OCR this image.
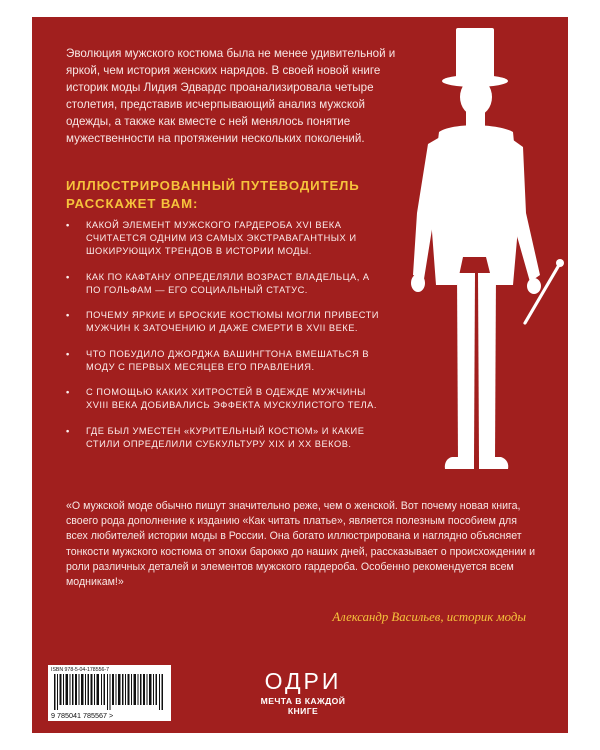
Эволюция мужского костюма была не менее удивительной и яркой, чем история женских нарядов. В своей новой книге историк моды Лидия Эдвардс проанализировала четыре столетия, представив исчерпывающий анализ мужской одежды, а также как вместе с ней менялось понятие мужественности на протяжении нескольких поколений.

ИЛЛЮСТРИРОВАННЫЙ ПУТЕВОДИТЕЛЬ РАССКАЖЕТ ВАМ:
•	КАКОЙ ЭЛЕМЕНТ МУЖСКОГО ГАРДЕРОБА XVI ВЕКА СЧИТАЕТСЯ ОДНИМ ИЗ САМЫХ ЭКСТРАВАГАНТНЫХ И ШОКИРУЮЩИХ ТРЕНДОВ В ИСТОРИИ МОДЫ.
•	КАК ПО КАФТАНУ ОПРЕДЕЛЯЛИ ВОЗРАСТ ВЛАДЕЛЬЦА, А ПО ГОЛЬФАМ — ЕГО СОЦИАЛЬНЫЙ СТАТУС.
•	ПОЧЕМУ ЯРКИЕ И БРОСКИЕ КОСТЮМЫ МОГЛИ ПРИВЕСТИ МУЖЧИН К ЗАТОЧЕНИЮ И ДАЖЕ СМЕРТИ В XVII ВЕКЕ.
•	ЧТО ПОБУДИЛО ДЖОРДЖА ВАШИНГТОНА ВМЕШАТЬСЯ В МОДУ С ПЕРВЫХ МЕСЯЦЕВ ЕГО ПРАВЛЕНИЯ.
•	С ПОМОЩЬЮ КАКИХ ХИТРОСТЕЙ В ОДЕЖДЕ МУЖЧИНЫ XVIII ВЕКА ДОБИВАЛИСЬ ЭФФЕКТА МУСКУЛИСТОГО ТЕЛА.
•	ГДЕ БЫЛ УМЕСТЕН «КУРИТЕЛЬНЫЙ КОСТЮМ» И КАКИЕ СТИЛИ ОПРЕДЕЛИЛИ СУБКУЛЬТУРУ XIX И XX ВЕКОВ.

«О мужской моде обычно пишут значительно реже, чем о женской. Вот почему новая книга, своего рода дополнение к изданию «Как читать платье», является полезным пособием для всех любителей истории моды в России. Она богато иллюстрирована и наглядно объясняет тонкости мужского костюма от эпохи барокко до наших дней, рассказывает о происхождении и роли различных деталей и элементов мужского гардероба. Особенно рекомендуется всем модникам!»

Александр Васильев, историк моды

ISBN 978-5-04-178556-7

9 785041 785567 >

ОДРИ
МЕЧТА В КАЖДОЙ КНИГЕ
